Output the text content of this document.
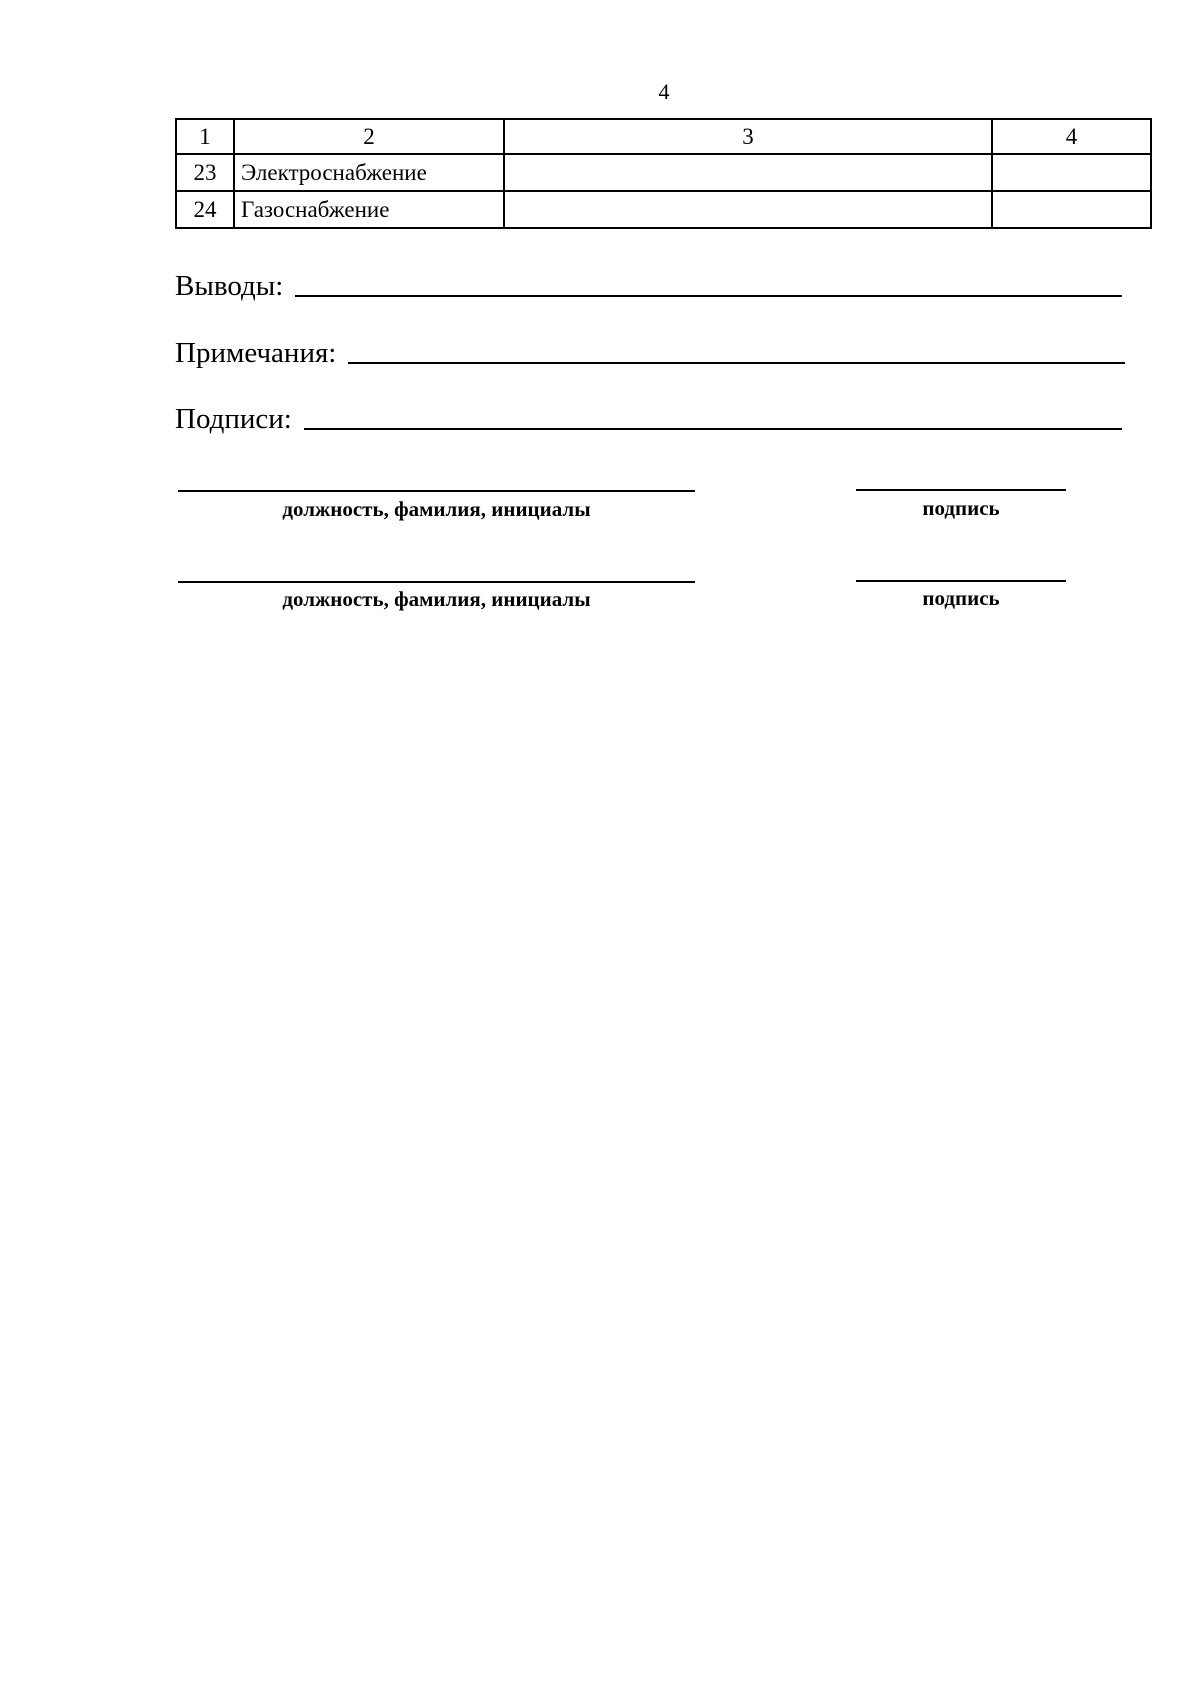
4
1	2	3	4
23	Электроснабжение		
24	Газоснабжение		
Выводы:
Примечания:
Подписи:
должность, фамилия, инициалы	подпись
должность, фамилия, инициалы	подпись
